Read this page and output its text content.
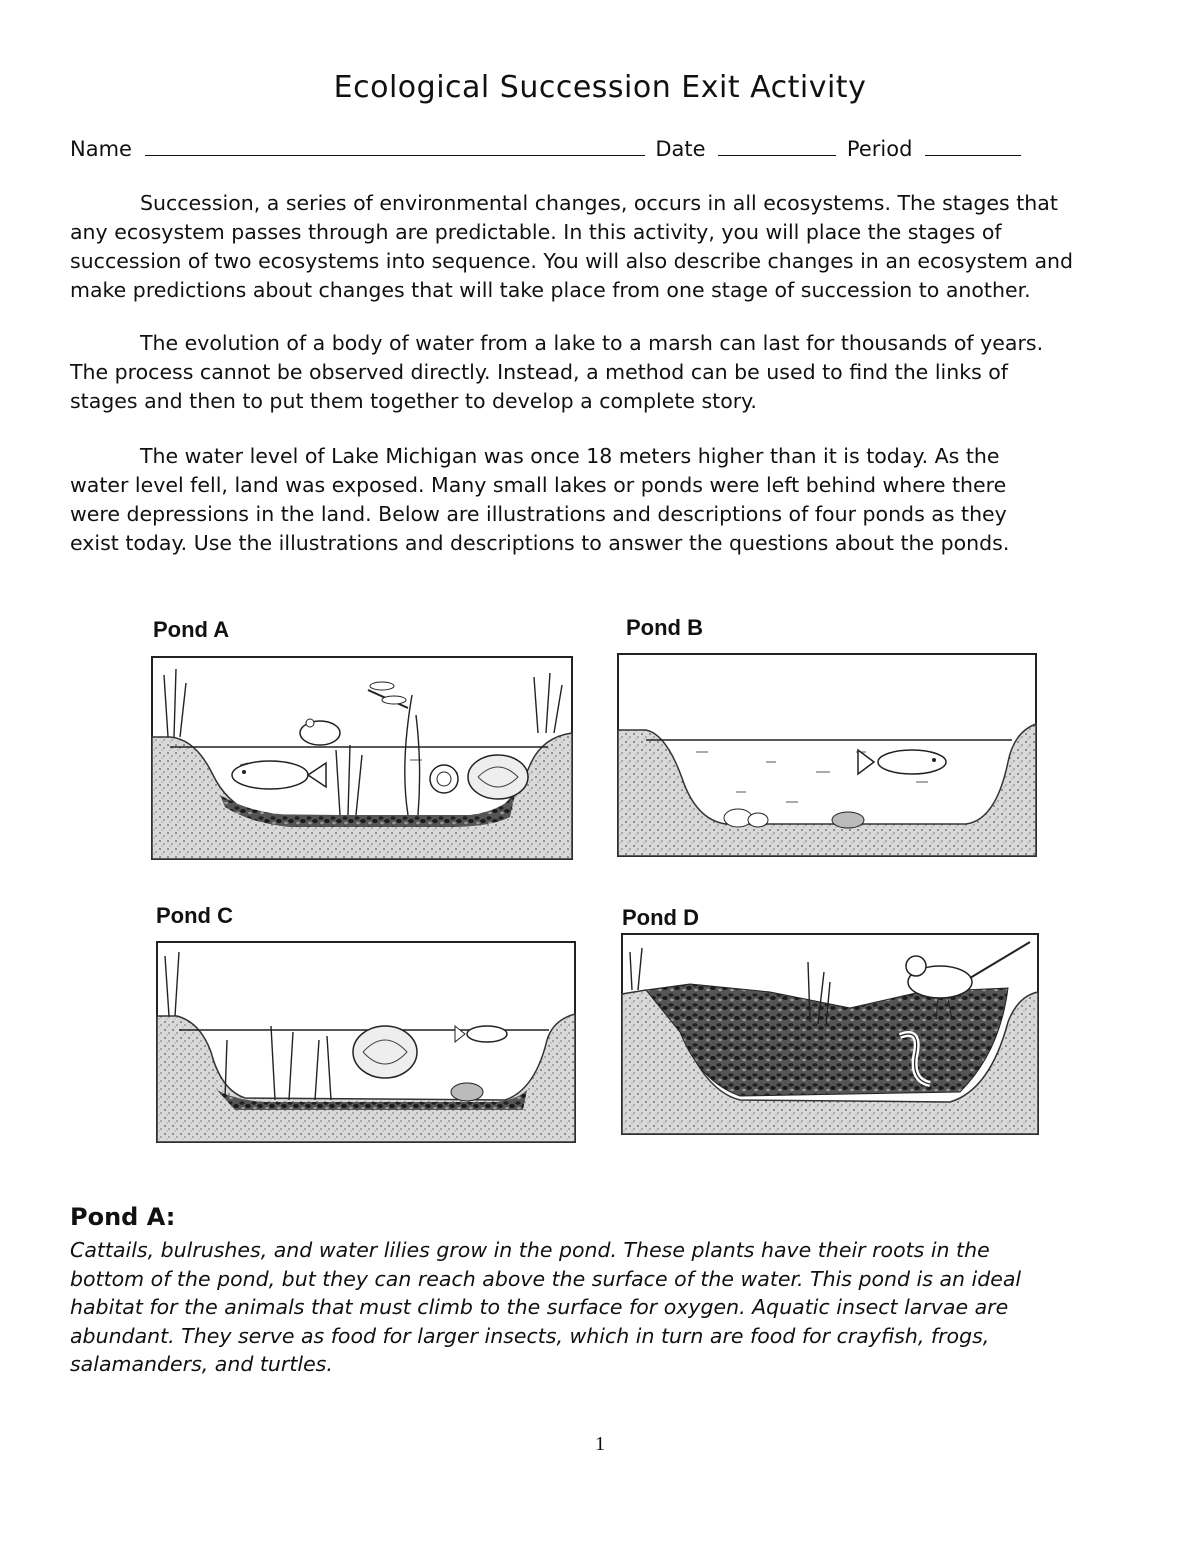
Ecological Succession Exit Activity
Name	Date	Period
Succession, a series of environmental changes, occurs in all ecosystems. The stages that
any ecosystem passes through are predictable. In this activity, you will place the stages of
succession of two ecosystems into sequence. You will also describe changes in an ecosystem and
make predictions about changes that will take place from one stage of succession to another.
The evolution of a body of water from a lake to a marsh can last for thousands of years.
The process cannot be observed directly. Instead, a method can be used to find the links of
stages and then to put them together to develop a complete story.
The water level of Lake Michigan was once 18 meters higher than it is today. As the
water level fell, land was exposed. Many small lakes or ponds were left behind where there
were depressions in the land. Below are illustrations and descriptions of four ponds as they
exist today. Use the illustrations and descriptions to answer the questions about the ponds.
Pond A	Pond B
Pond C	Pond D
Pond A:
Cattails, bulrushes, and water lilies grow in the pond. These plants have their roots in the
bottom of the pond, but they can reach above the surface of the water. This pond is an ideal
habitat for the animals that must climb to the surface for oxygen. Aquatic insect larvae are
abundant. They serve as food for larger insects, which in turn are food for crayfish, frogs,
salamanders, and turtles.
1
